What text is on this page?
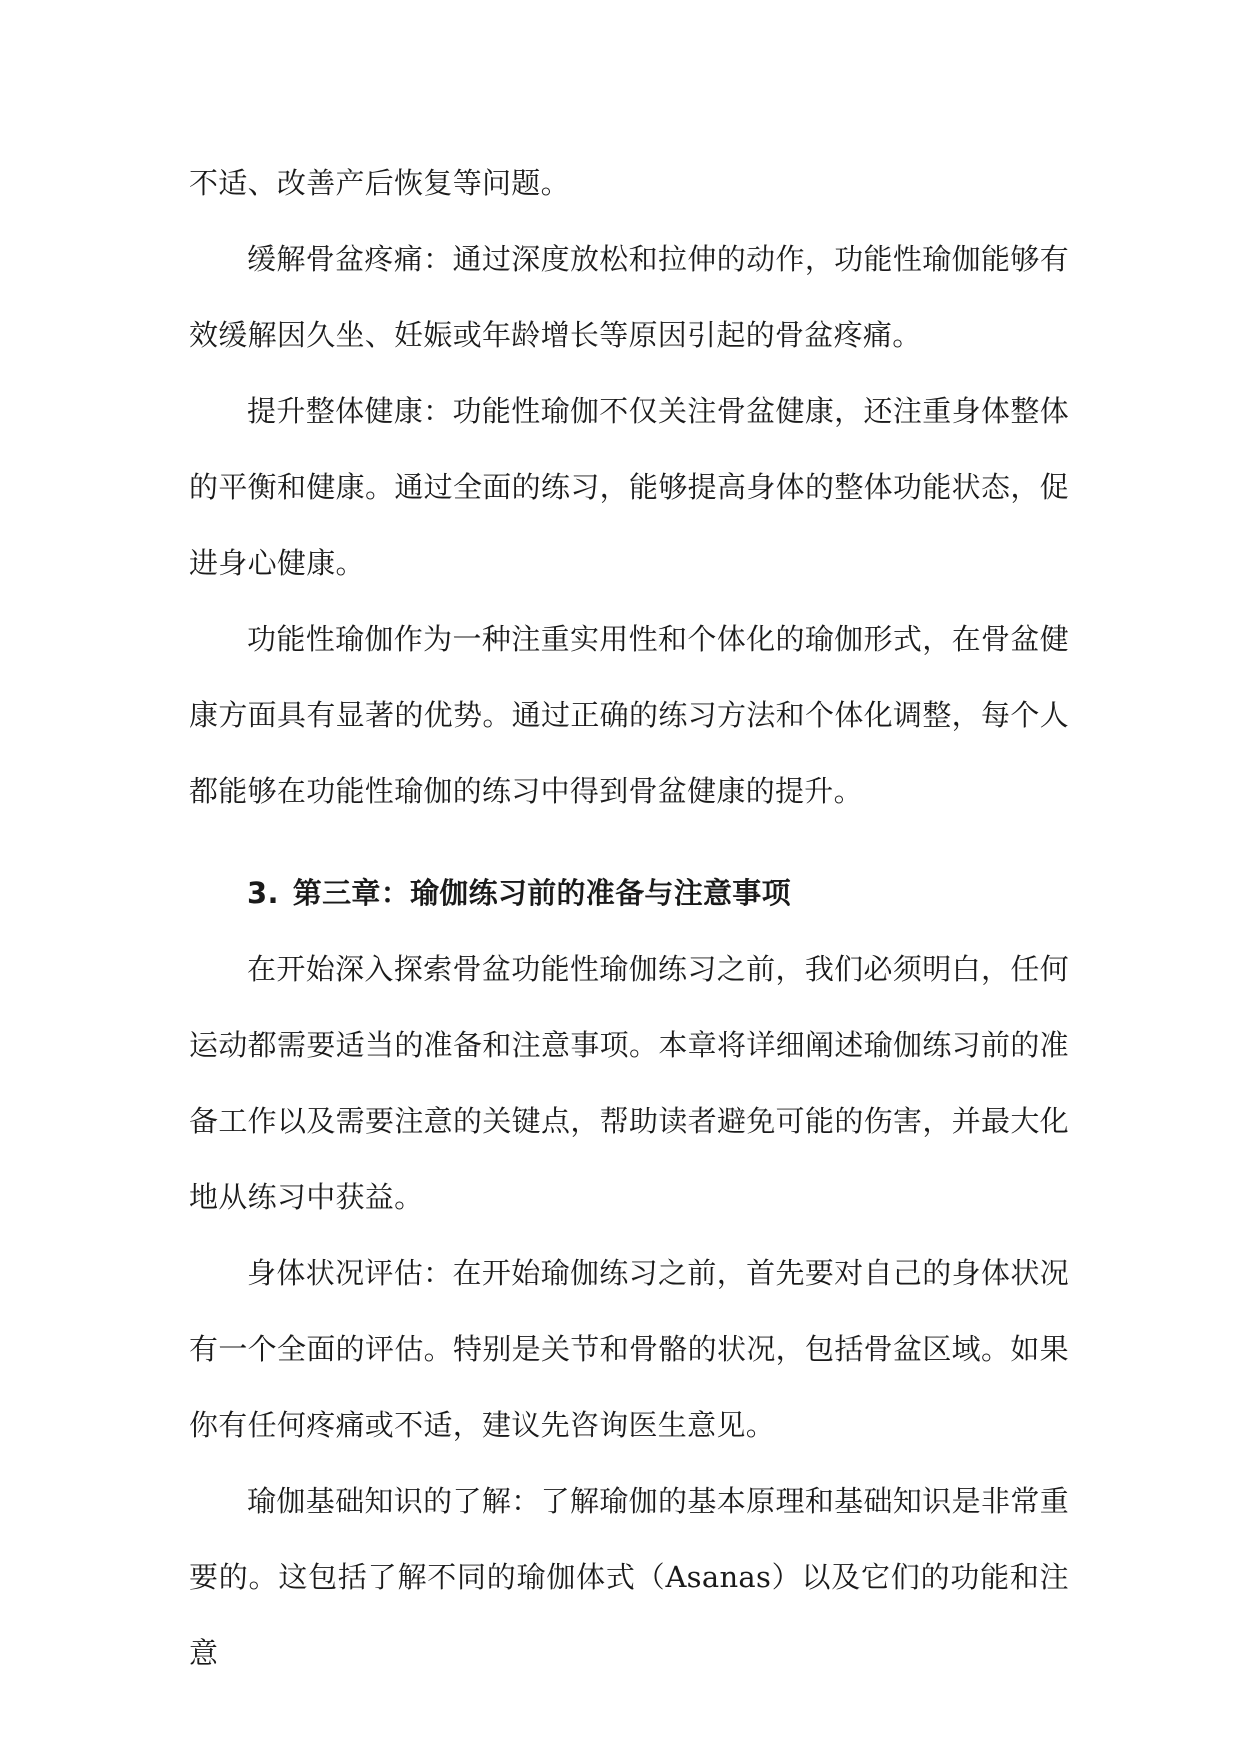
不适、改善产后恢复等问题。

缓解骨盆疼痛：通过深度放松和拉伸的动作，功能性瑜伽能够有效缓解因久坐、妊娠或年龄增长等原因引起的骨盆疼痛。

提升整体健康：功能性瑜伽不仅关注骨盆健康，还注重身体整体的平衡和健康。通过全面的练习，能够提高身体的整体功能状态，促进身心健康。

功能性瑜伽作为一种注重实用性和个体化的瑜伽形式，在骨盆健康方面具有显著的优势。通过正确的练习方法和个体化调整，每个人都能够在功能性瑜伽的练习中得到骨盆健康的提升。

3. 第三章：瑜伽练习前的准备与注意事项

在开始深入探索骨盆功能性瑜伽练习之前，我们必须明白，任何运动都需要适当的准备和注意事项。本章将详细阐述瑜伽练习前的准备工作以及需要注意的关键点，帮助读者避免可能的伤害，并最大化地从练习中获益。

身体状况评估：在开始瑜伽练习之前，首先要对自己的身体状况有一个全面的评估。特别是关节和骨骼的状况，包括骨盆区域。如果你有任何疼痛或不适，建议先咨询医生意见。

瑜伽基础知识的了解：了解瑜伽的基本原理和基础知识是非常重要的。这包括了解不同的瑜伽体式（Asanas）以及它们的功能和注意
